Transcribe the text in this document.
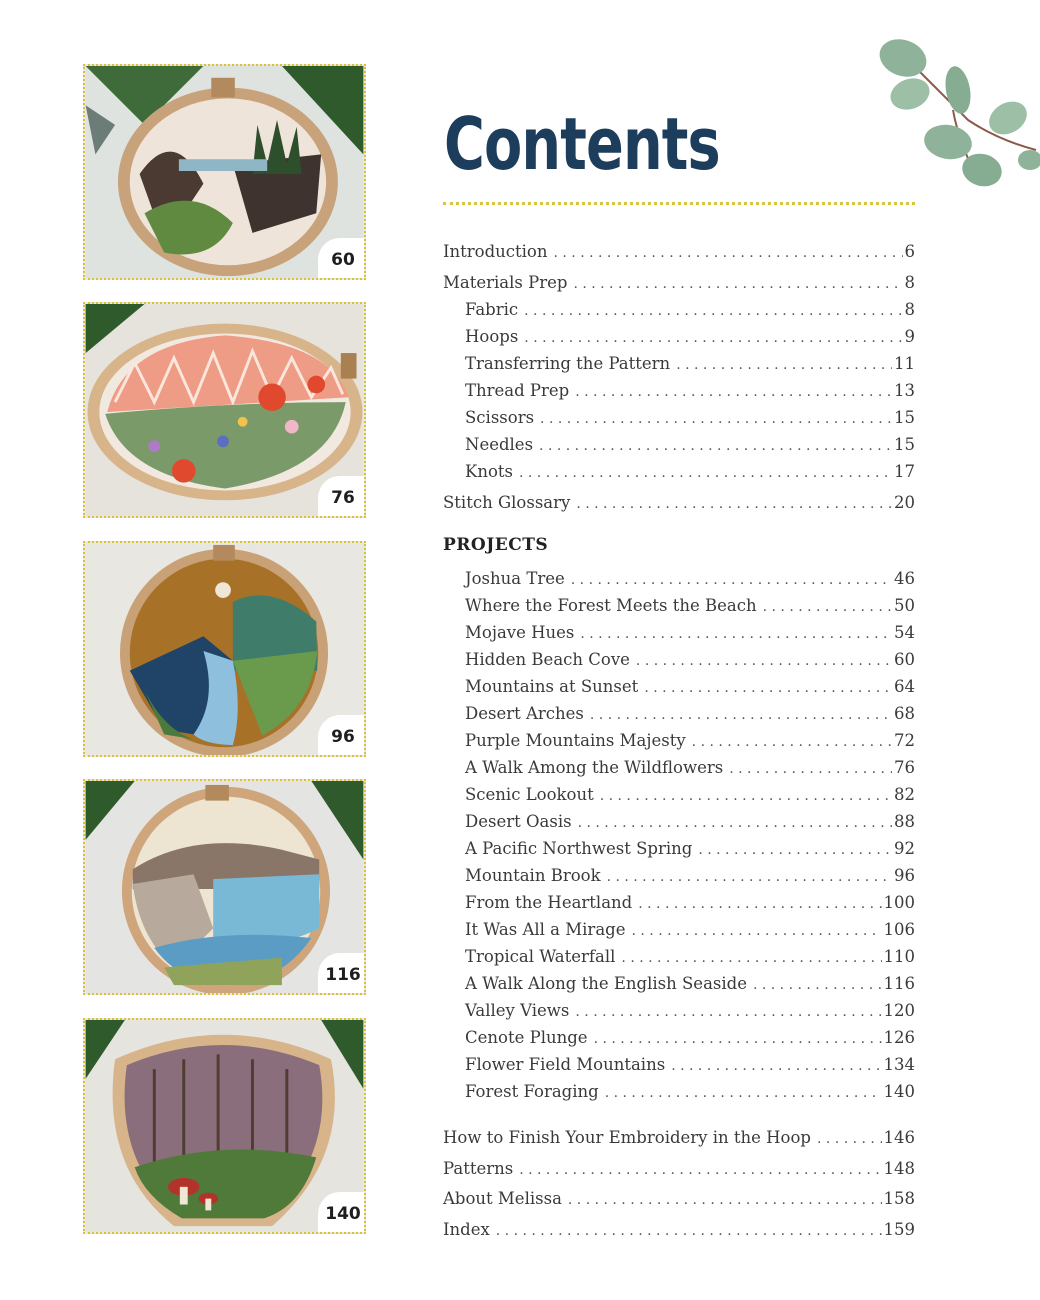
60
76
96
116
140
Contents
Introduction . . .	6
Materials Prep . . .	8
Fabric . . .	8
Hoops . . .	9
Transferring the Pattern . . .	11
Thread Prep . . .	13
Scissors . . .	15
Needles . . .	15
Knots . . .	17
Stitch Glossary . . .	20
PROJECTS
Joshua Tree . . .	46
Where the Forest Meets the Beach . . .	50
Mojave Hues . . .	54
Hidden Beach Cove . . .	60
Mountains at Sunset . . .	64
Desert Arches . . .	68
Purple Mountains Majesty . . .	72
A Walk Among the Wildflowers . . .	76
Scenic Lookout . . .	82
Desert Oasis . . .	88
A Pacific Northwest Spring . . .	92
Mountain Brook . . .	96
From the Heartland . . .	100
It Was All a Mirage . . .	106
Tropical Waterfall . . .	110
A Walk Along the English Seaside . . .	116
Valley Views . . .	120
Cenote Plunge . . .	126
Flower Field Mountains . . .	134
Forest Foraging . . .	140
How to Finish Your Embroidery in the Hoop . . .	146
Patterns . . .	148
About Melissa . . .	158
Index . . .	159
